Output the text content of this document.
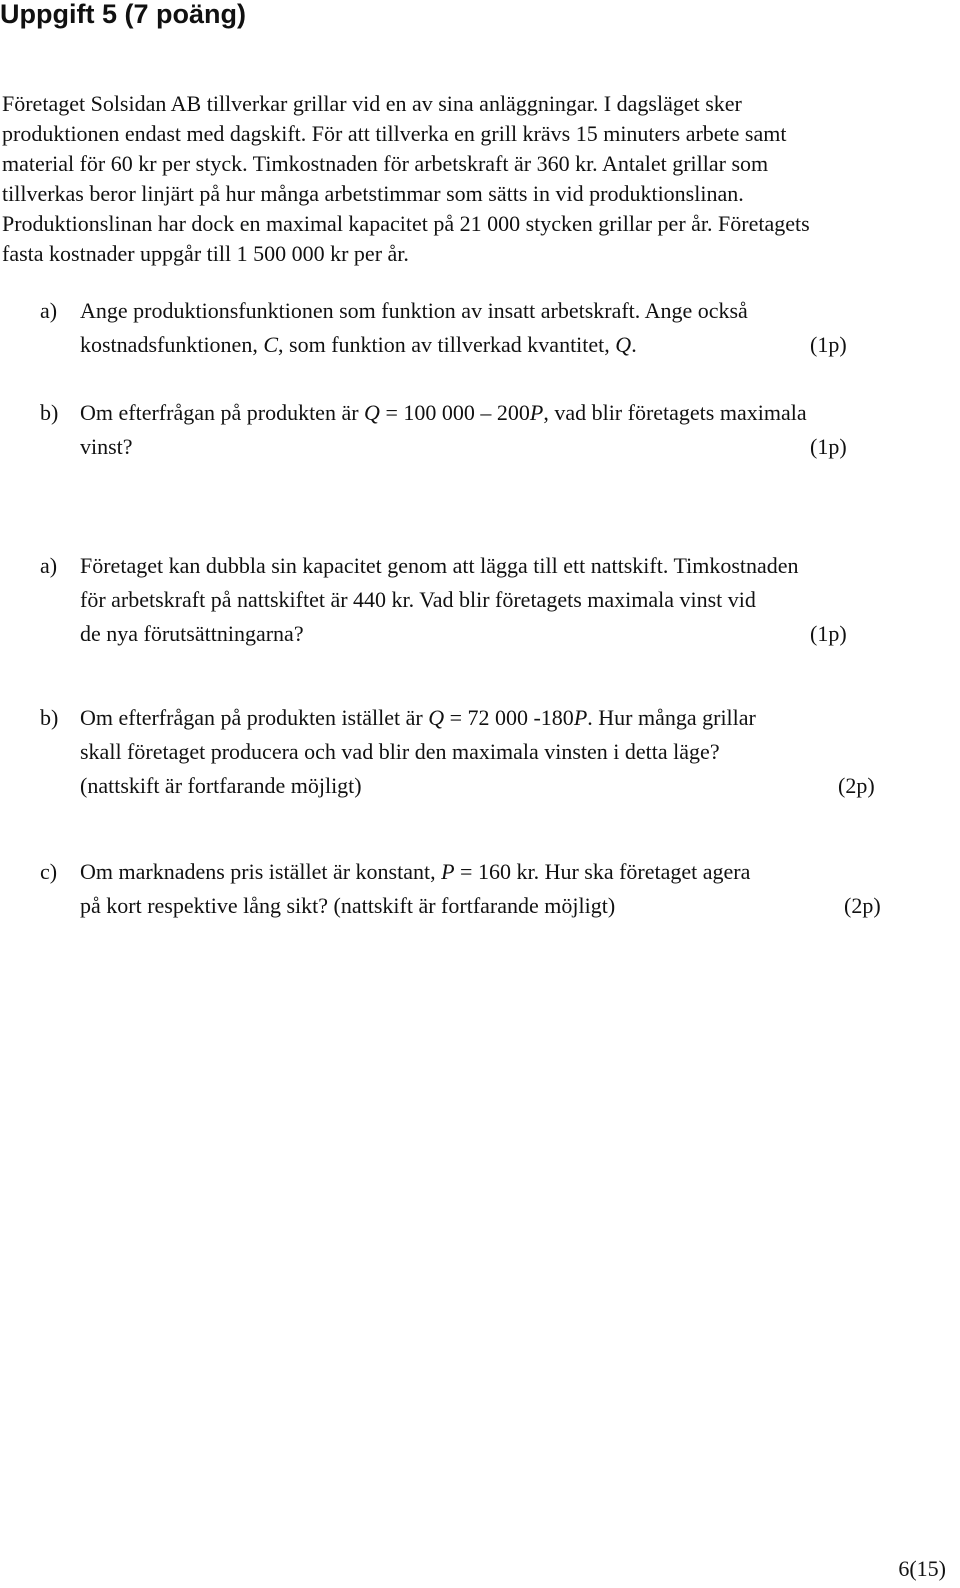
Uppgift 5 (7 poäng)
Företaget Solsidan AB tillverkar grillar vid en av sina anläggningar. I dagsläget sker
produktionen endast med dagskift. För att tillverka en grill krävs 15 minuters arbete samt
material för 60 kr per styck. Timkostnaden för arbetskraft är 360 kr. Antalet grillar som
tillverkas beror linjärt på hur många arbetstimmar som sätts in vid produktionslinan.
Produktionslinan har dock en maximal kapacitet på 21 000 stycken grillar per år. Företagets
fasta kostnader uppgår till 1 500 000 kr per år.
a) Ange produktionsfunktionen som funktion av insatt arbetskraft. Ange också
kostnadsfunktionen, C, som funktion av tillverkad kvantitet, Q.	(1p)
b) Om efterfrågan på produkten är Q = 100 000 – 200P, vad blir företagets maximala
vinst?	(1p)
a) Företaget kan dubbla sin kapacitet genom att lägga till ett nattskift. Timkostnaden
för arbetskraft på nattskiftet är 440 kr. Vad blir företagets maximala vinst vid
de nya förutsättningarna?	(1p)
b) Om efterfrågan på produkten istället är Q = 72 000 -180P. Hur många grillar
skall företaget producera och vad blir den maximala vinsten i detta läge?
(nattskift är fortfarande möjligt)	(2p)
c) Om marknadens pris istället är konstant, P = 160 kr. Hur ska företaget agera
på kort respektive lång sikt? (nattskift är fortfarande möjligt)	(2p)
6(15)
